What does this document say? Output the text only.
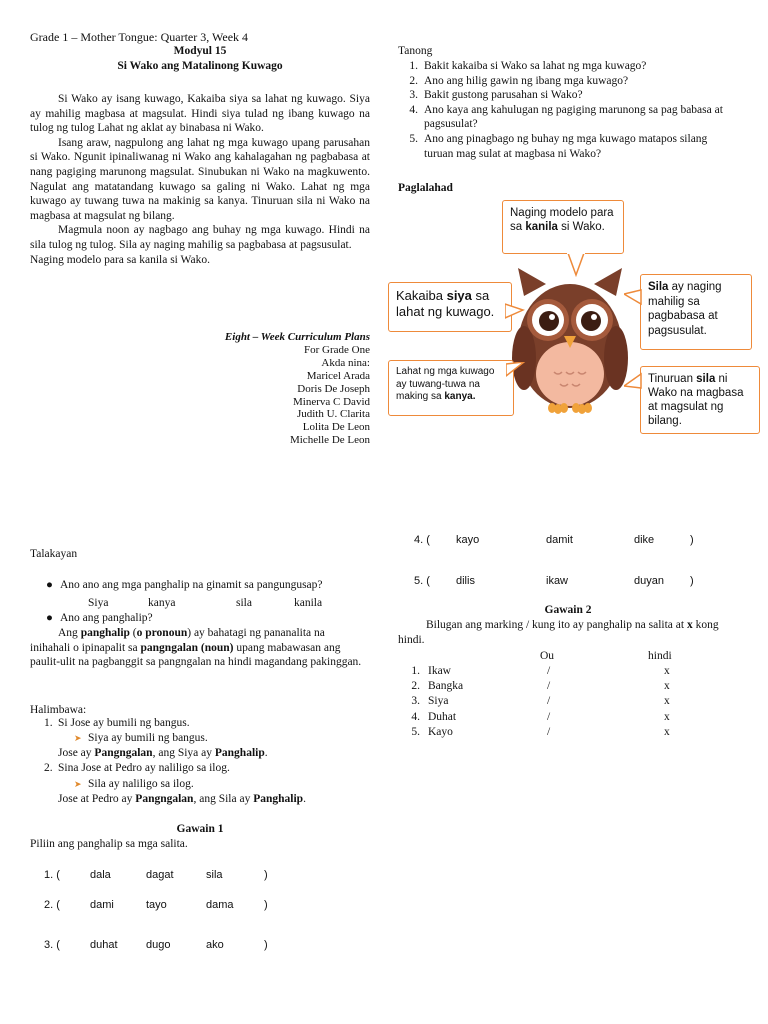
Grade 1 – Mother Tongue: Quarter 3, Week 4
Modyul 15
Si Wako ang Matalinong Kuwago

Si Wako ay isang kuwago, Kakaiba siya sa lahat ng kuwago. Siya ay mahilig magbasa at magsulat. Hindi siya tulad ng ibang kuwago na tulog ng tulog Lahat ng aklat ay binabasa ni Wako.

Isang araw, nagpulong ang lahat ng mga kuwago upang parusahan si Wako. Ngunit ipinaliwanag ni Wako ang kahalagahan ng pagbabasa at nang pagiging marunong magsulat. Sinubukan ni Wako na magkuwento. Nagulat ang matatandang kuwago sa galing ni Wako. Lahat ng mga kuwago ay tuwang tuwa na makinig sa kanya. Tinuruan sila ni Wako na magbasa at magsulat ng bilang.

Magmula noon ay nagbago ang buhay ng mga kuwago. Hindi na sila tulog ng tulog. Sila ay naging mahilig sa pagbabasa at pagsusulat.

Naging modelo para sa kanila si Wako.

Eight – Week Curriculum Plans
For Grade One
Akda nina:
Maricel Arada
Doris De Joseph
Minerva C David
Judith U. Clarita
Lolita De Leon
Michelle De Leon
Tanong
1. Bakit kakaiba si Wako sa lahat ng mga kuwago?
2. Ano ang hilig gawin ng ibang mga kuwago?
3. Bakit gustong parusahan si Wako?
4. Ano kaya ang kahulugan ng pagiging marunong sa pag babasa at pagsusulat?
5. Ano ang pinagbago ng buhay ng mga kuwago matapos silang turuan mag sulat at magbasa ni Wako?
Paglalahad
Naging modelo para sa kanila si Wako.
Kakaiba siya sa lahat ng kuwago.
Sila ay naging mahilig sa pagbabasa at pagsusulat.
Lahat ng mga kuwago ay tuwang-tuwa na making sa kanya.
Tinuruan sila ni Wako na magbasa at magsulat ng bilang.
Talakayan
● Ano ano ang mga panghalip na ginamit sa pangungusap?
Siya	kanya	sila	kanila
● Ano ang panghalip?
Ang panghalip (o pronoun) ay bahatagi ng pananalita na inihahali o ipinapalit sa pangngalan (noun) upang mabawasan ang paulit-ulit na pagbanggit sa pangngalan na hindi magandang pakinggan.
Halimbawa:
1. Si Jose ay bumili ng bangus.
➤ Siya ay bumili ng bangus.
Jose ay Pangngalan, ang Siya ay Panghalip.
2. Sina Jose at Pedro ay naliligo sa ilog.
➤ Sila ay naliligo sa ilog.
Jose at Pedro ay Pangngalan, ang Sila ay Panghalip.
Gawain 1
Piliin ang panghalip sa mga salita.
1. (	dala	dagat	sila	)
2. (	dami	tayo	dama	)
3. (	duhat	dugo	ako	)
4. ( kayo	damit	dike	)
5. ( dilis	ikaw	duyan )
Gawain 2
Bilugan ang marking / kung ito ay panghalip na salita at x kong hindi.
Ou	hindi
1. Ikaw	/	x
2. Bangka	/	x
3. Siya	/	x
4. Duhat	/	x
5. Kayo	/	x
